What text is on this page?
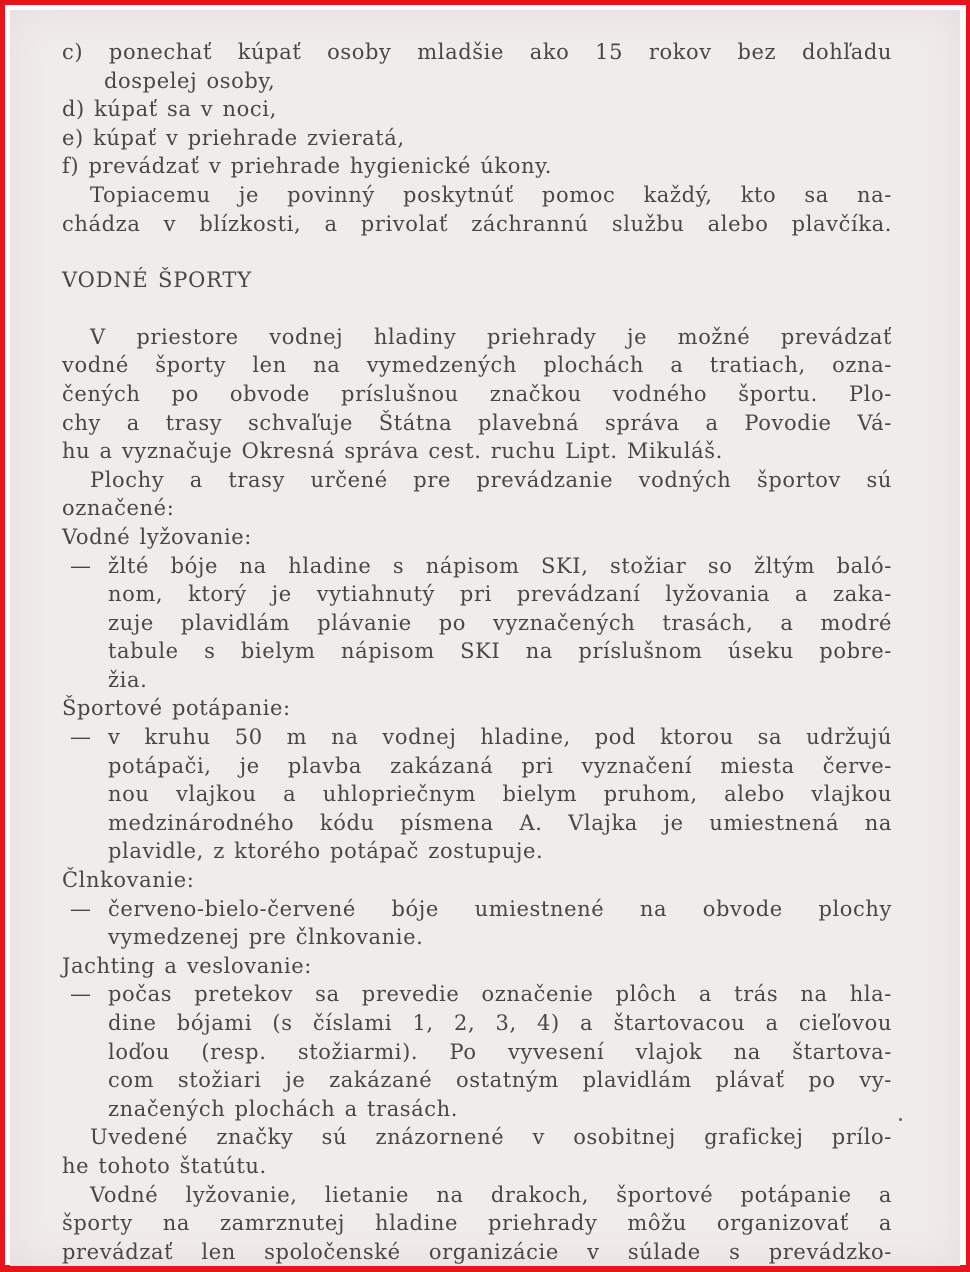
c) ponechať kúpať osoby mladšie ako 15 rokov bez dohľadu
dospelej osoby,
d) kúpať sa v noci,
e) kúpať v priehrade zvieratá,
f) prevádzať v priehrade hygienické úkony.
Topiacemu je povinný poskytnúť pomoc každý, kto sa na-
chádza v blízkosti, a privolať záchrannú službu alebo plavčíka.
VODNÉ ŠPORTY
V priestore vodnej hladiny priehrady je možné prevádzať
vodné športy len na vymedzených plochách a tratiach, ozna-
čených po obvode príslušnou značkou vodného športu. Plo-
chy a trasy schvaľuje Štátna plavebná správa a Povodie Vá-
hu a vyznačuje Okresná správa cest. ruchu Lipt. Mikuláš.
Plochy a trasy určené pre prevádzanie vodných športov sú
označené:
Vodné lyžovanie:
— žlté bóje na hladine s nápisom SKI, stožiar so žltým baló-
nom, ktorý je vytiahnutý pri prevádzaní lyžovania a zaka-
zuje plavidlám plávanie po vyznačených trasách, a modré
tabule s bielym nápisom SKI na príslušnom úseku pobre-
žia.
Športové potápanie:
— v kruhu 50 m na vodnej hladine, pod ktorou sa udržujú
potápači, je plavba zakázaná pri vyznačení miesta červe-
nou vlajkou a uhlopriečnym bielym pruhom, alebo vlajkou
medzinárodného kódu písmena A. Vlajka je umiestnená na
plavidle, z ktorého potápač zostupuje.
Člnkovanie:
— červeno-bielo-červené bóje umiestnené na obvode plochy
vymedzenej pre člnkovanie.
Jachting a veslovanie:
— počas pretekov sa prevedie označenie plôch a trás na hla-
dine bójami (s číslami 1, 2, 3, 4) a štartovacou a cieľovou
loďou (resp. stožiarmi). Po vyvesení vlajok na štartova-
com stožiari je zakázané ostatným plavidlám plávať po vy-
značených plochách a trasách.
Uvedené značky sú znázornené v osobitnej grafickej prílo-
he tohoto štatútu.
Vodné lyžovanie, lietanie na drakoch, športové potápanie a
športy na zamrznutej hladine priehrady môžu organizovať a
prevádzať len spoločenské organizácie v súlade s prevádzko-
